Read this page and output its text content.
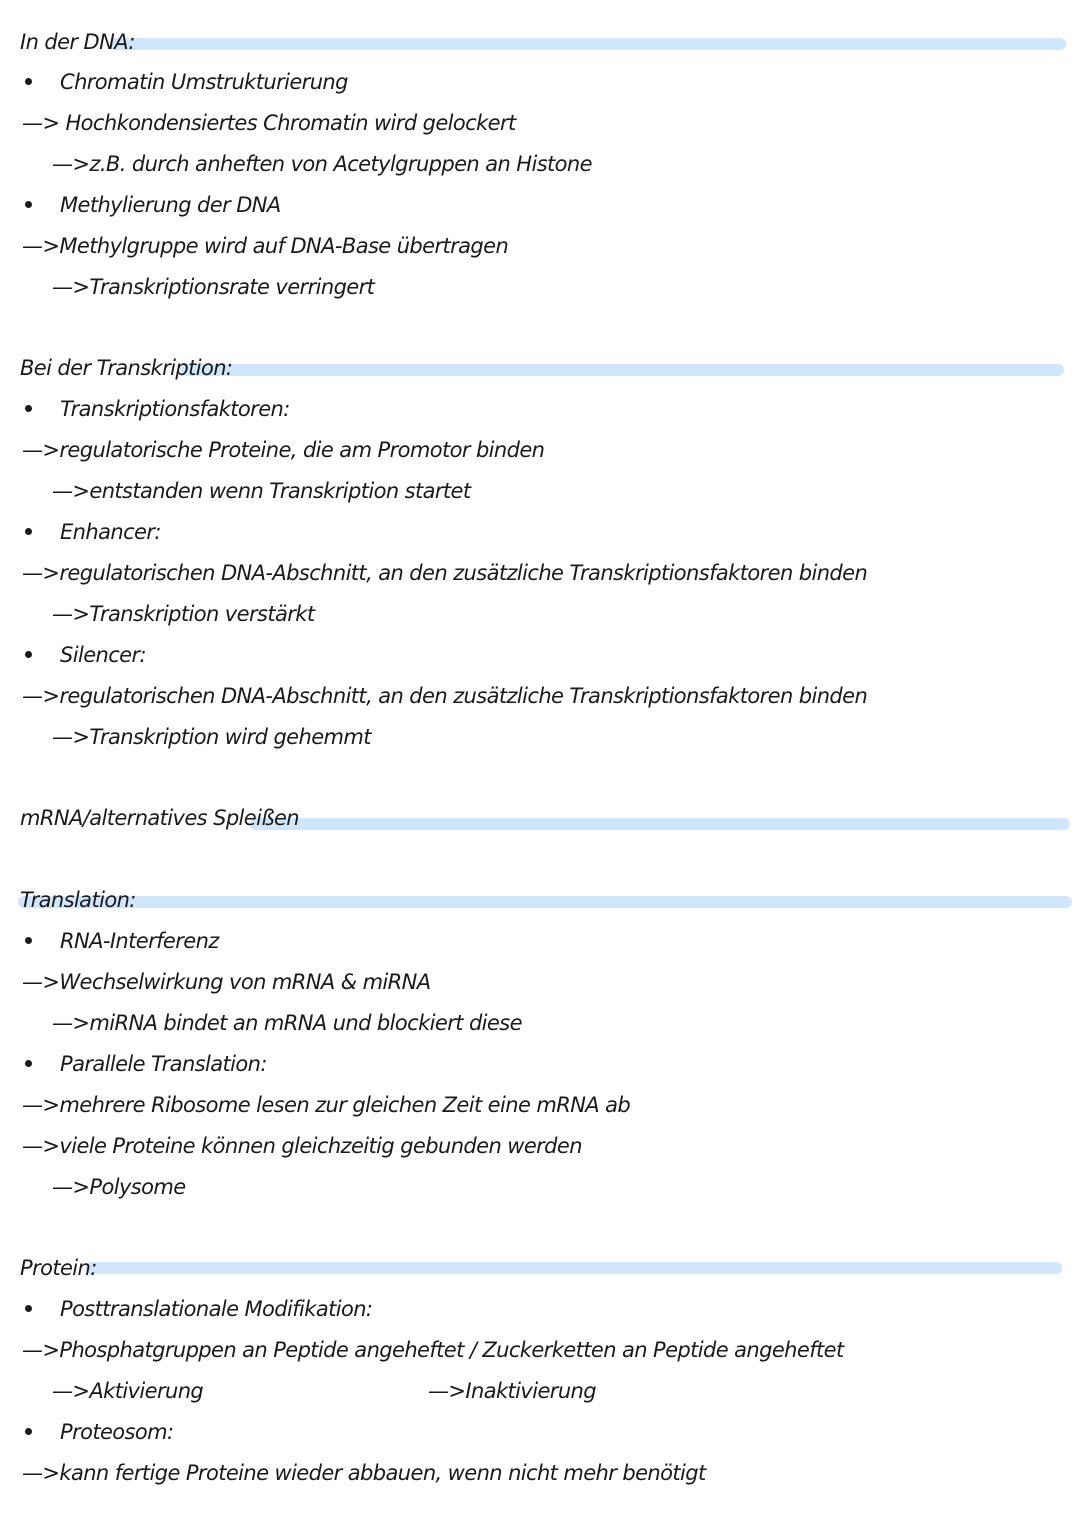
In der DNA:
Chromatin Umstrukturierung
—> Hochkondensiertes Chromatin wird gelockert
—>z.B. durch anheften von Acetylgruppen an Histone
Methylierung der DNA
—>Methylgruppe wird auf DNA-Base übertragen
—>Transkriptionsrate verringert
Bei der Transkription:
Transkriptionsfaktoren:
—>regulatorische Proteine, die am Promotor binden
—>entstanden wenn Transkription startet
Enhancer:
—>regulatorischen DNA-Abschnitt, an den zusätzliche Transkriptionsfaktoren binden
—>Transkription verstärkt
Silencer:
—>regulatorischen DNA-Abschnitt, an den zusätzliche Transkriptionsfaktoren binden
—>Transkription wird gehemmt
mRNA/alternatives Spleißen
Translation:
RNA-Interferenz
—>Wechselwirkung von mRNA & miRNA
—>miRNA bindet an mRNA und blockiert diese
Parallele Translation:
—>mehrere Ribosome lesen zur gleichen Zeit eine mRNA ab
—>viele Proteine können gleichzeitig gebunden werden
—>Polysome
Protein:
Posttranslationale Modifikation:
—>Phosphatgruppen an Peptide angeheftet / Zuckerketten an Peptide angeheftet
—>Aktivierung	—>Inaktivierung
Proteosom:
—>kann fertige Proteine wieder abbauen, wenn nicht mehr benötigt
